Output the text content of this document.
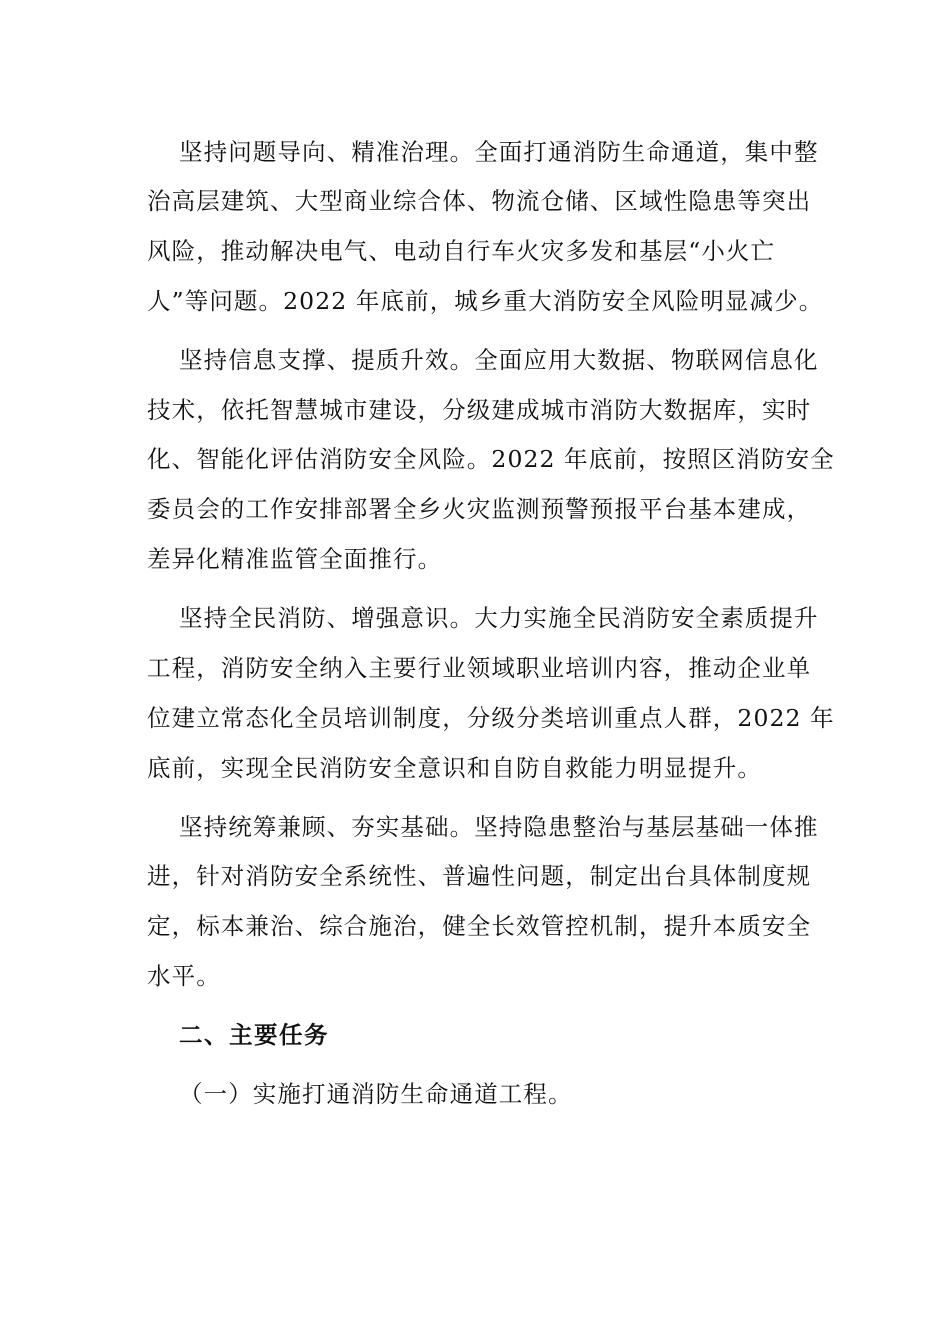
坚持问题导向、精准治理。全面打通消防生命通道，集中整
治高层建筑、大型商业综合体、物流仓储、区域性隐患等突出
风险，推动解决电气、电动自行车火灾多发和基层“小火亡
人”等问题。2022 年底前，城乡重大消防安全风险明显减少。
坚持信息支撑、提质升效。全面应用大数据、物联网信息化
技术，依托智慧城市建设，分级建成城市消防大数据库，实时
化、智能化评估消防安全风险。2022 年底前，按照区消防安全
委员会的工作安排部署全乡火灾监测预警预报平台基本建成，
差异化精准监管全面推行。
坚持全民消防、增强意识。大力实施全民消防安全素质提升
工程，消防安全纳入主要行业领域职业培训内容，推动企业单
位建立常态化全员培训制度，分级分类培训重点人群，2022 年
底前，实现全民消防安全意识和自防自救能力明显提升。
坚持统筹兼顾、夯实基础。坚持隐患整治与基层基础一体推
进，针对消防安全系统性、普遍性问题，制定出台具体制度规
定，标本兼治、综合施治，健全长效管控机制，提升本质安全
水平。
二、主要任务
（一）实施打通消防生命通道工程。
